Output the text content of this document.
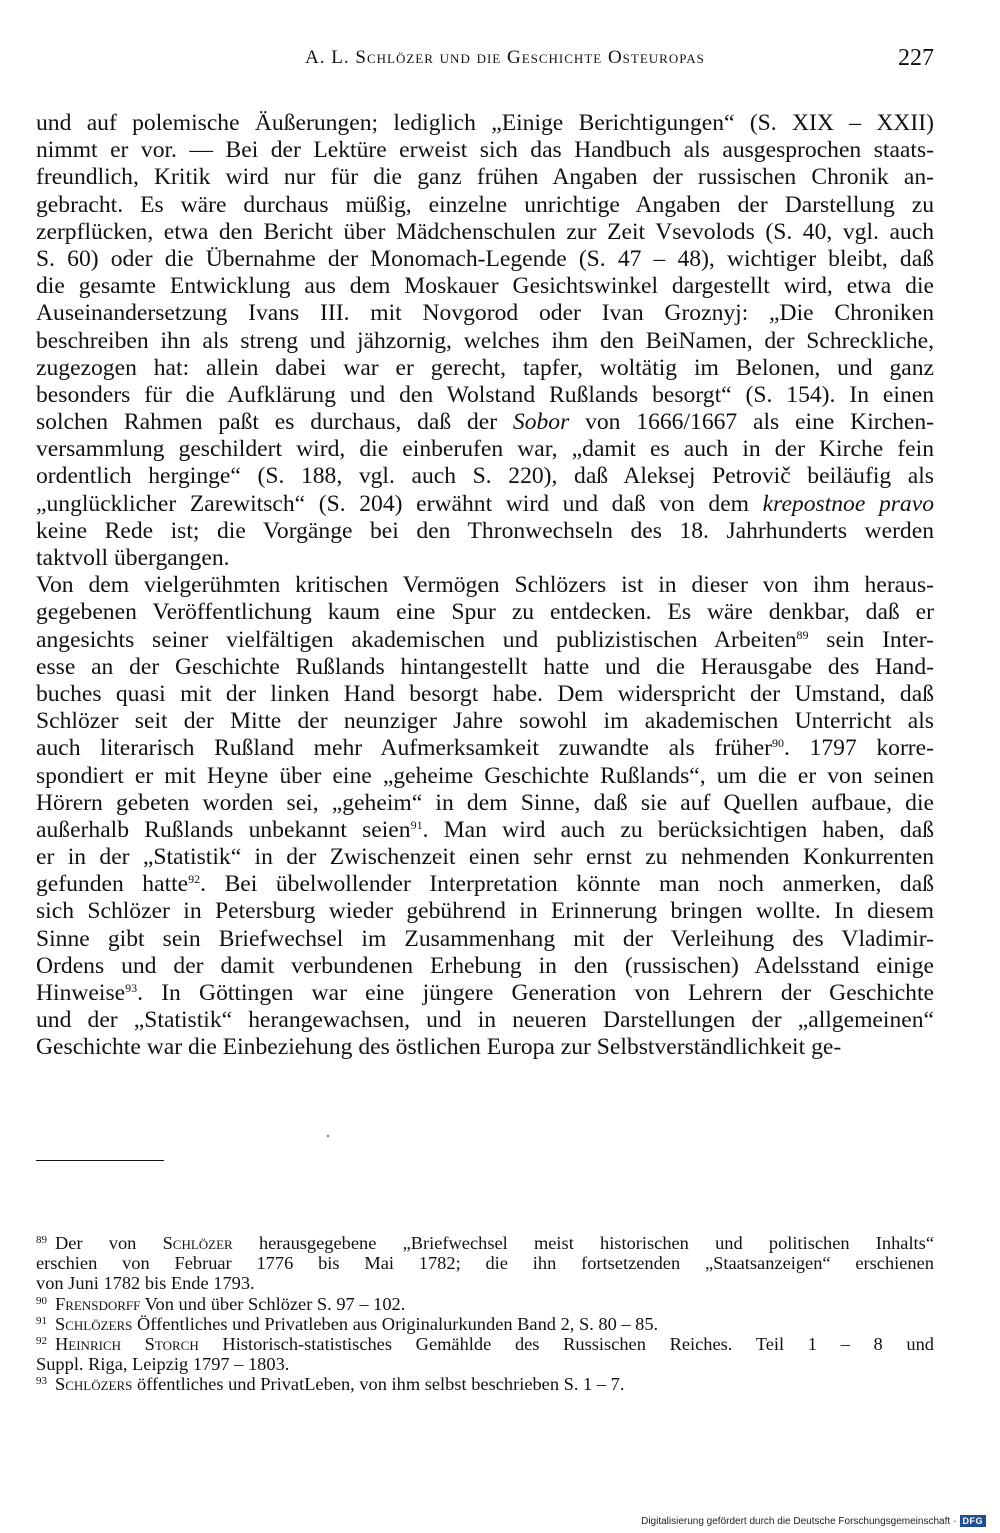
A. L. Schlözer und die Geschichte Osteuropas	227
und auf polemische Äußerungen; lediglich „Einige Berichtigungen“ (S. XIX – XXII)
nimmt er vor. — Bei der Lektüre erweist sich das Handbuch als ausgesprochen staats-
freundlich, Kritik wird nur für die ganz frühen Angaben der russischen Chronik an-
gebracht. Es wäre durchaus müßig, einzelne unrichtige Angaben der Darstellung zu
zerpflücken, etwa den Bericht über Mädchenschulen zur Zeit Vsevolods (S. 40, vgl. auch
S. 60) oder die Übernahme der Monomach-Legende (S. 47 – 48), wichtiger bleibt, daß
die gesamte Entwicklung aus dem Moskauer Gesichtswinkel dargestellt wird, etwa die
Auseinandersetzung Ivans III. mit Novgorod oder Ivan Groznyj: „Die Chroniken
beschreiben ihn als streng und jähzornig, welches ihm den BeiNamen, der Schreckliche,
zugezogen hat: allein dabei war er gerecht, tapfer, woltätig im Belonen, und ganz
besonders für die Aufklärung und den Wolstand Rußlands besorgt“ (S. 154). In einen
solchen Rahmen paßt es durchaus, daß der Sobor von 1666/1667 als eine Kirchen-
versammlung geschildert wird, die einberufen war, „damit es auch in der Kirche fein
ordentlich herginge“ (S. 188, vgl. auch S. 220), daß Aleksej Petrovič beiläufig als
„unglücklicher Zarewitsch“ (S. 204) erwähnt wird und daß von dem krepostnoe pravo
keine Rede ist; die Vorgänge bei den Thronwechseln des 18. Jahrhunderts werden
taktvoll übergangen.
Von dem vielgerühmten kritischen Vermögen Schlözers ist in dieser von ihm heraus-
gegebenen Veröffentlichung kaum eine Spur zu entdecken. Es wäre denkbar, daß er
angesichts seiner vielfältigen akademischen und publizistischen Arbeiten$^{89}$ sein Inter-
esse an der Geschichte Rußlands hintangestellt hatte und die Herausgabe des Hand-
buches quasi mit der linken Hand besorgt habe. Dem widerspricht der Umstand, daß
Schlözer seit der Mitte der neunziger Jahre sowohl im akademischen Unterricht als
auch literarisch Rußland mehr Aufmerksamkeit zuwandte als früher$^{90}$. 1797 korre-
spondiert er mit Heyne über eine „geheime Geschichte Rußlands“, um die er von seinen
Hörern gebeten worden sei, „geheim“ in dem Sinne, daß sie auf Quellen aufbaue, die
außerhalb Rußlands unbekannt seien$^{91}$. Man wird auch zu berücksichtigen haben, daß
er in der „Statistik“ in der Zwischenzeit einen sehr ernst zu nehmenden Konkurrenten
gefunden hatte$^{92}$. Bei übelwollender Interpretation könnte man noch anmerken, daß
sich Schlözer in Petersburg wieder gebührend in Erinnerung bringen wollte. In diesem
Sinne gibt sein Briefwechsel im Zusammenhang mit der Verleihung des Vladimir-
Ordens und der damit verbundenen Erhebung in den (russischen) Adelsstand einige
Hinweise$^{93}$. In Göttingen war eine jüngere Generation von Lehrern der Geschichte
und der „Statistik“ herangewachsen, und in neueren Darstellungen der „allgemeinen“
Geschichte war die Einbeziehung des östlichen Europa zur Selbstverständlichkeit ge-
$^{89}$ Der von Schlözer herausgegebene „Briefwechsel meist historischen und politischen Inhalts“
erschien von Februar 1776 bis Mai 1782; die ihn fortsetzenden „Staatsanzeigen“ erschienen
von Juni 1782 bis Ende 1793.
$^{90}$ Frensdorff Von und über Schlözer S. 97 – 102.
$^{91}$ Schlözers Öffentliches und Privatleben aus Originalurkunden Band 2, S. 80 – 85.
$^{92}$ Heinrich Storch Historisch-statistisches Gemählde des Russischen Reiches. Teil 1 – 8 und
Suppl. Riga, Leipzig 1797 – 1803.
$^{93}$ Schlözers öffentliches und PrivatLeben, von ihm selbst beschrieben S. 1 – 7.
Digitalisierung gefördert durch die Deutsche Forschungsgemeinschaft · DFG
